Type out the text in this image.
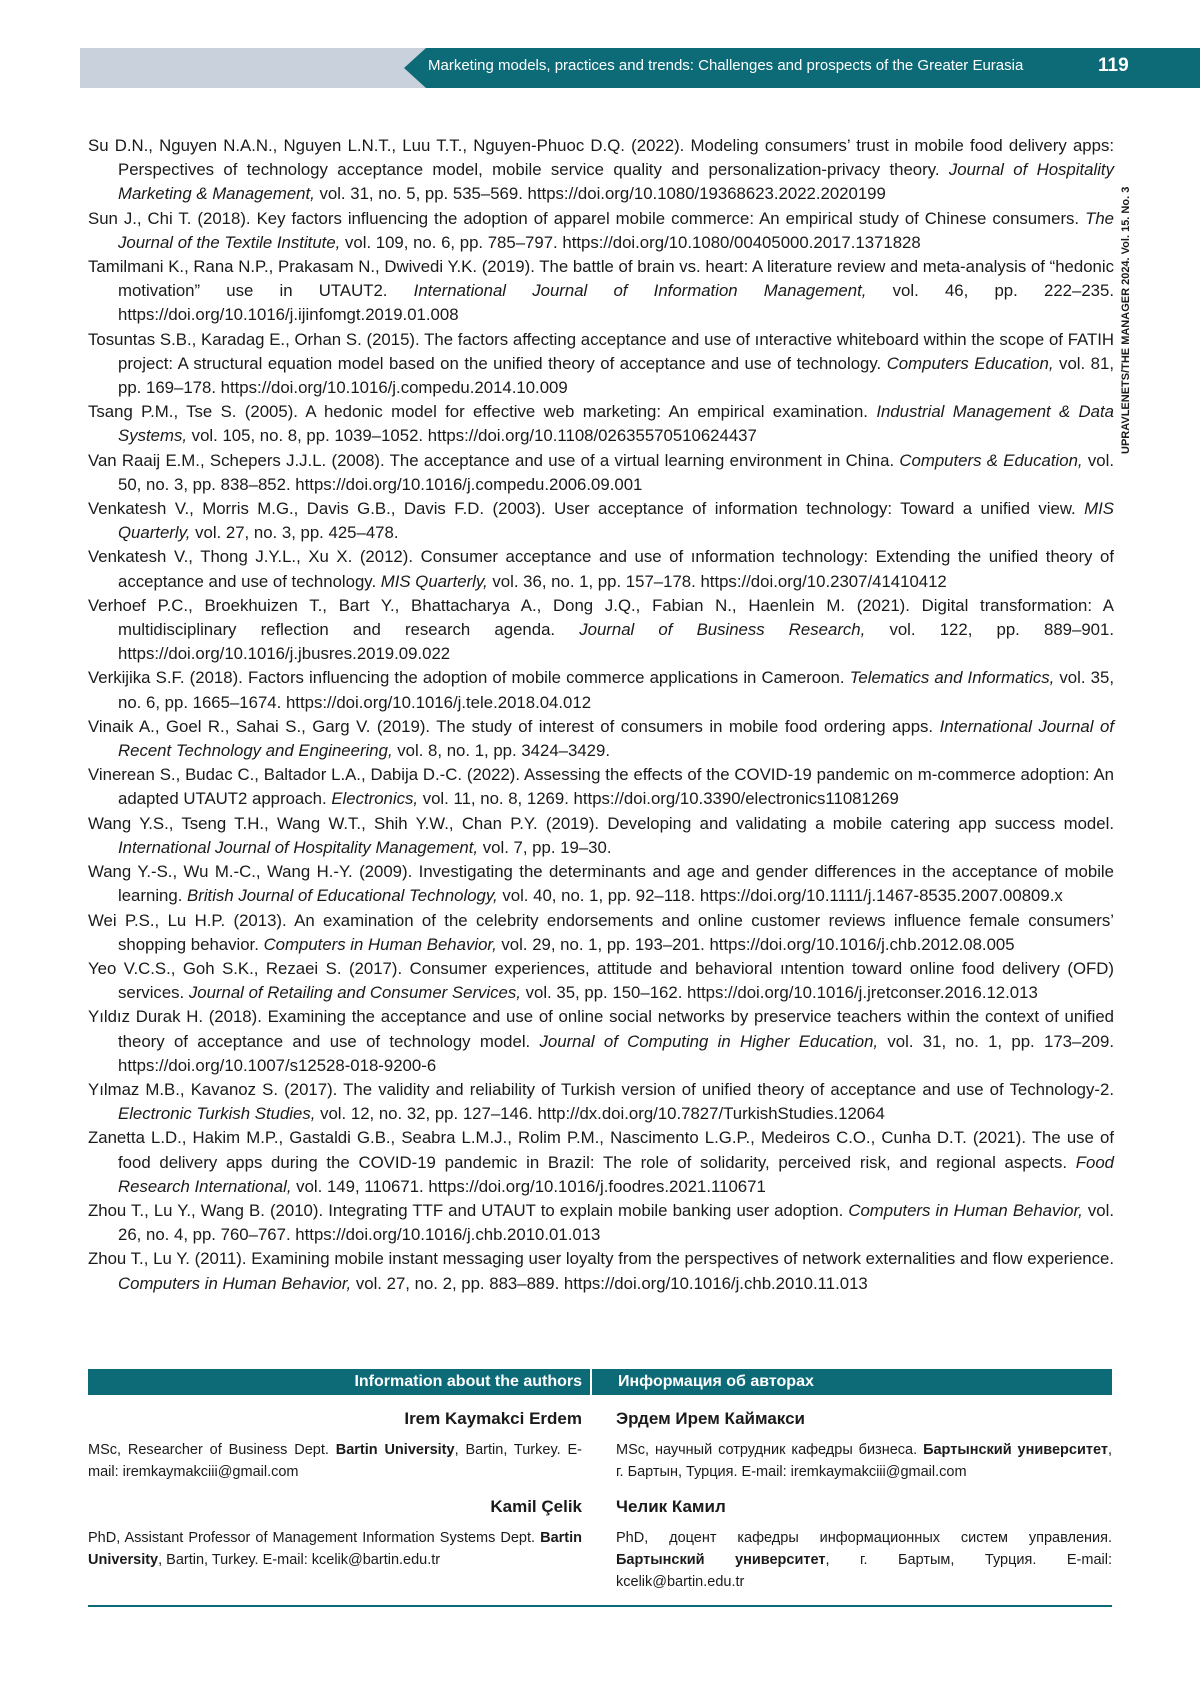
Marketing models, practices and trends: Challenges and prospects of the Greater Eurasia	119
UPRAVLENETS/THE MANAGER 2024. Vol. 15. No. 3

Su D.N., Nguyen N.A.N., Nguyen L.N.T., Luu T.T., Nguyen-Phuoc D.Q. (2022). Modeling consumers’ trust in mobile food delivery apps: Perspectives of technology acceptance model, mobile service quality and personalization-privacy theory. Journal of Hospitality Marketing & Management, vol. 31, no. 5, pp. 535–569. https://doi.org/10.1080/19368623.2022.2020199

Sun J., Chi T. (2018). Key factors influencing the adoption of apparel mobile commerce: An empirical study of Chinese consumers. The Journal of the Textile Institute, vol. 109, no. 6, pp. 785–797. https://doi.org/10.1080/00405000.2017.1371828

Tamilmani K., Rana N.P., Prakasam N., Dwivedi Y.K. (2019). The battle of brain vs. heart: A literature review and meta-analysis of “hedonic motivation” use in UTAUT2. International Journal of Information Management, vol. 46, pp. 222–235. https://doi.org/10.1016/j.ijinfomgt.2019.01.008

Tosuntas S.B., Karadag E., Orhan S. (2015). The factors affecting acceptance and use of ınteractive whiteboard within the scope of FATIH project: A structural equation model based on the unified theory of acceptance and use of technology. Computers Education, vol. 81, pp. 169–178. https://doi.org/10.1016/j.compedu.2014.10.009

Tsang P.M., Tse S. (2005). A hedonic model for effective web marketing: An empirical examination. Industrial Management & Data Systems, vol. 105, no. 8, pp. 1039–1052. https://doi.org/10.1108/02635570510624437

Van Raaij E.M., Schepers J.J.L. (2008). The acceptance and use of a virtual learning environment in China. Computers & Education, vol. 50, no. 3, pp. 838–852. https://doi.org/10.1016/j.compedu.2006.09.001

Venkatesh V., Morris M.G., Davis G.B., Davis F.D. (2003). User acceptance of information technology: Toward a unified view. MIS Quarterly, vol. 27, no. 3, pp. 425–478.

Venkatesh V., Thong J.Y.L., Xu X. (2012). Consumer acceptance and use of ınformation technology: Extending the unified theory of acceptance and use of technology. MIS Quarterly, vol. 36, no. 1, pp. 157–178. https://doi.org/10.2307/41410412

Verhoef P.C., Broekhuizen T., Bart Y., Bhattacharya A., Dong J.Q., Fabian N., Haenlein M. (2021). Digital transformation: A multidisciplinary reflection and research agenda. Journal of Business Research, vol. 122, pp. 889–901. https://doi.org/10.1016/j.jbusres.2019.09.022

Verkijika S.F. (2018). Factors influencing the adoption of mobile commerce applications in Cameroon. Telematics and Informatics, vol. 35, no. 6, pp. 1665–1674. https://doi.org/10.1016/j.tele.2018.04.012

Vinaik A., Goel R., Sahai S., Garg V. (2019). The study of interest of consumers in mobile food ordering apps. International Journal of Recent Technology and Engineering, vol. 8, no. 1, pp. 3424–3429.

Vinerean S., Budac C., Baltador L.A., Dabija D.-C. (2022). Assessing the effects of the COVID-19 pandemic on m-commerce adoption: An adapted UTAUT2 approach. Electronics, vol. 11, no. 8, 1269. https://doi.org/10.3390/electronics11081269

Wang Y.S., Tseng T.H., Wang W.T., Shih Y.W., Chan P.Y. (2019). Developing and validating a mobile catering app success model. International Journal of Hospitality Management, vol. 7, pp. 19–30.

Wang Y.-S., Wu M.-C., Wang H.-Y. (2009). Investigating the determinants and age and gender differences in the acceptance of mobile learning. British Journal of Educational Technology, vol. 40, no. 1, pp. 92–118. https://doi.org/10.1111/j.1467-8535.2007.00809.x

Wei P.S., Lu H.P. (2013). An examination of the celebrity endorsements and online customer reviews influence female consumers’ shopping behavior. Computers in Human Behavior, vol. 29, no. 1, pp. 193–201. https://doi.org/10.1016/j.chb.2012.08.005

Yeo V.C.S., Goh S.K., Rezaei S. (2017). Consumer experiences, attitude and behavioral ıntention toward online food delivery (OFD) services. Journal of Retailing and Consumer Services, vol. 35, pp. 150–162. https://doi.org/10.1016/j.jretconser.2016.12.013

Yıldız Durak H. (2018). Examining the acceptance and use of online social networks by preservice teachers within the context of unified theory of acceptance and use of technology model. Journal of Computing in Higher Education, vol. 31, no. 1, pp. 173–209. https://doi.org/10.1007/s12528-018-9200-6

Yılmaz M.B., Kavanoz S. (2017). The validity and reliability of Turkish version of unified theory of acceptance and use of Technology-2. Electronic Turkish Studies, vol. 12, no. 32, pp. 127–146. http://dx.doi.org/10.7827/TurkishStudies.12064

Zanetta L.D., Hakim M.P., Gastaldi G.B., Seabra L.M.J., Rolim P.M., Nascimento L.G.P., Medeiros C.O., Cunha D.T. (2021). The use of food delivery apps during the COVID-19 pandemic in Brazil: The role of solidarity, perceived risk, and regional aspects. Food Research International, vol. 149, 110671. https://doi.org/10.1016/j.foodres.2021.110671

Zhou T., Lu Y., Wang B. (2010). Integrating TTF and UTAUT to explain mobile banking user adoption. Computers in Human Behavior, vol. 26, no. 4, pp. 760–767. https://doi.org/10.1016/j.chb.2010.01.013

Zhou T., Lu Y. (2011). Examining mobile instant messaging user loyalty from the perspectives of network externalities and flow experience. Computers in Human Behavior, vol. 27, no. 2, pp. 883–889. https://doi.org/10.1016/j.chb.2010.11.013

Information about the authors	Информация об авторах
Irem Kaymakci Erdem
MSc, Researcher of Business Dept. Bartin University, Bartin, Turkey. E-mail: iremkaymakciii@gmail.com
Эрдем Ирем Каймакси
MSc, научный сотрудник кафедры бизнеса. Бартынский университет, г. Бартын, Турция. E-mail: iremkaymakciii@gmail.com
Kamil Çelik
PhD, Assistant Professor of Management Information Systems Dept. Bartin University, Bartin, Turkey. E-mail: kcelik@bartin.edu.tr
Челик Камил
PhD, доцент кафедры информационных систем управления. Бартынский университет, г. Бартым, Турция. E-mail: kcelik@bartin.edu.tr
